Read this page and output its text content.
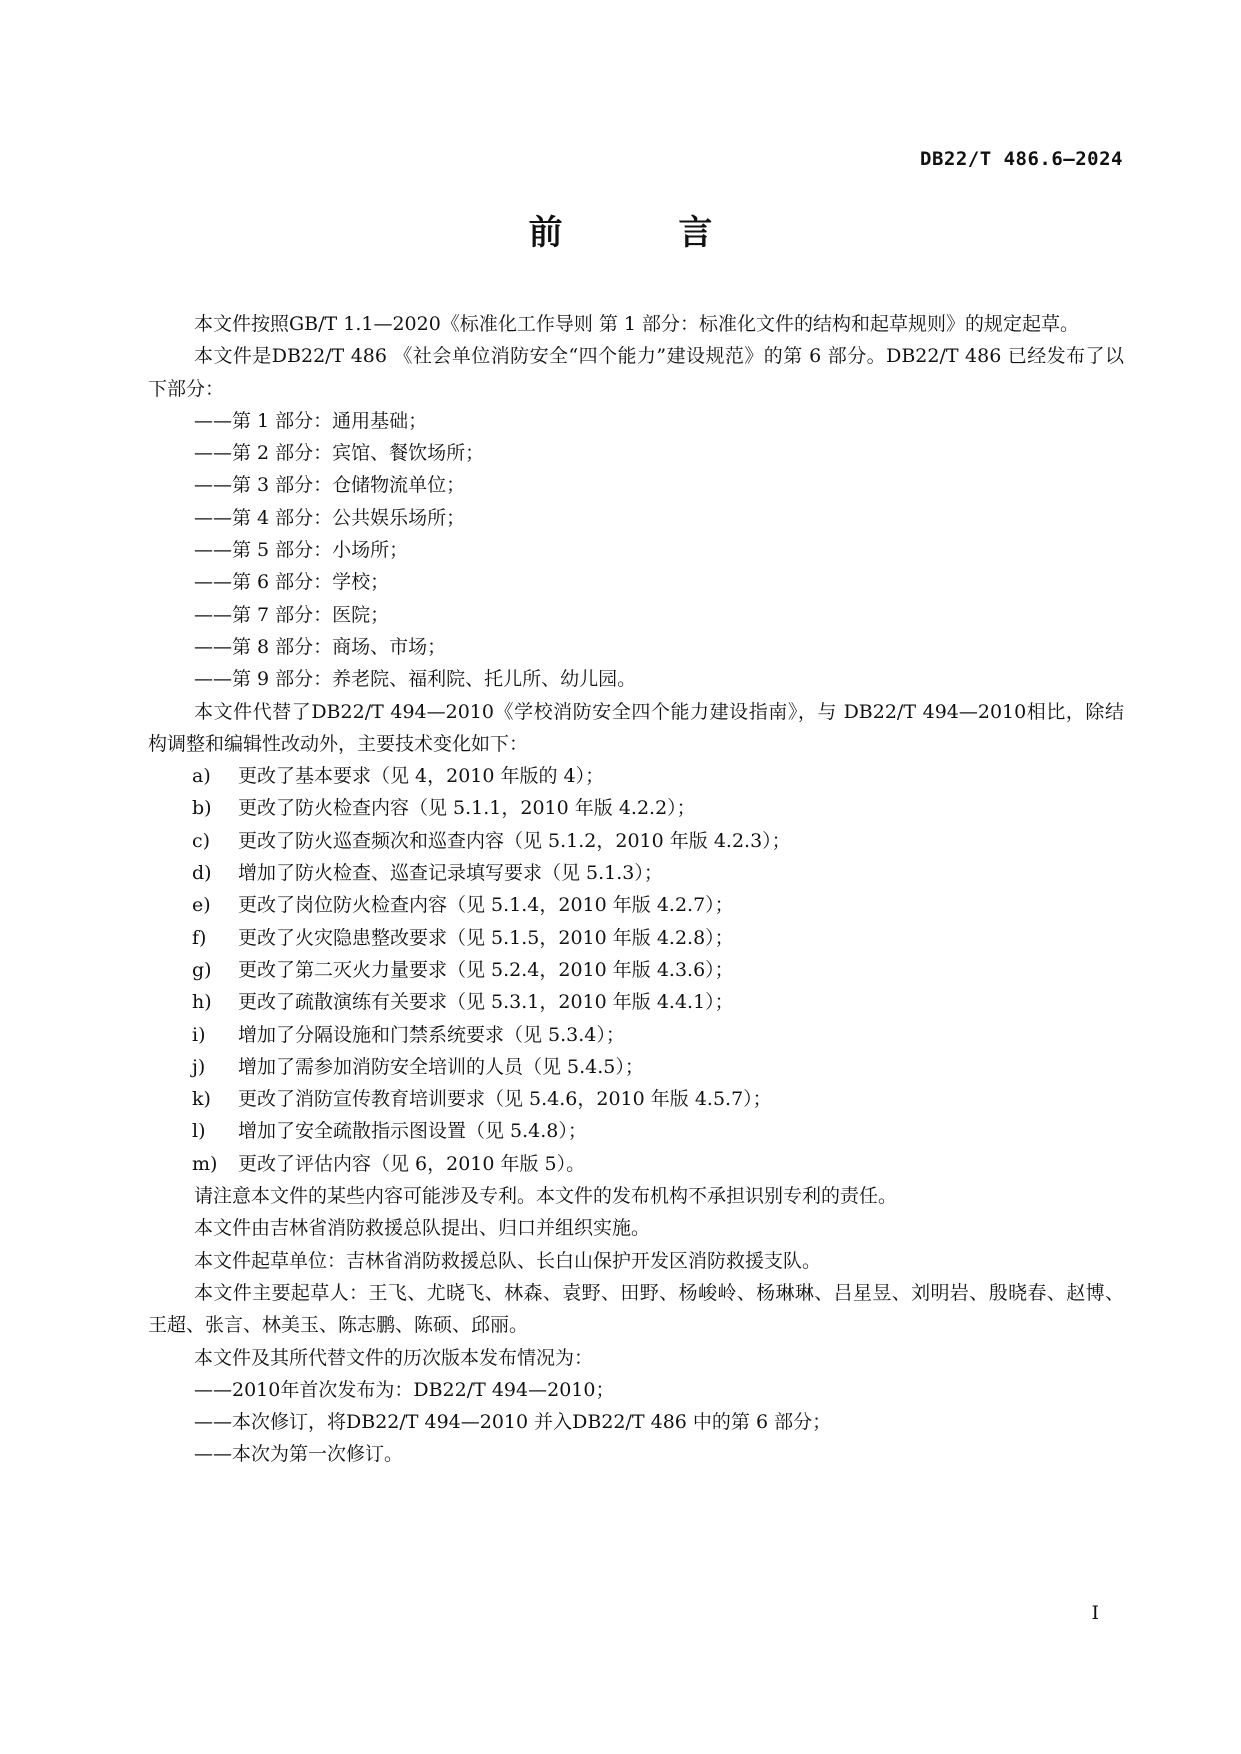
DB22/T 486.6—2024
前 言

本文件按照GB/T 1.1—2020《标准化工作导则 第 1 部分：标准化文件的结构和起草规则》的规定起草。

本文件是DB22/T 486 《社会单位消防安全“四个能力”建设规范》的第 6 部分。DB22/T 486 已经发布了以下部分：

——第 1 部分：通用基础；

——第 2 部分：宾馆、餐饮场所；

——第 3 部分：仓储物流单位；

——第 4 部分：公共娱乐场所；

——第 5 部分：小场所；

——第 6 部分：学校；

——第 7 部分：医院；

——第 8 部分：商场、市场；

——第 9 部分：养老院、福利院、托儿所、幼儿园。

本文件代替了DB22/T 494—2010《学校消防安全四个能力建设指南》，与 DB22/T 494—2010相比，除结构调整和编辑性改动外，主要技术变化如下：

a) 更改了基本要求（见 4，2010 年版的 4）；

b) 更改了防火检查内容（见 5.1.1，2010 年版 4.2.2）；

c) 更改了防火巡查频次和巡查内容（见 5.1.2，2010 年版 4.2.3）；

d) 增加了防火检查、巡查记录填写要求（见 5.1.3）；

e) 更改了岗位防火检查内容（见 5.1.4，2010 年版 4.2.7）；

f) 更改了火灾隐患整改要求（见 5.1.5，2010 年版 4.2.8）；

g) 更改了第二灭火力量要求（见 5.2.4，2010 年版 4.3.6）；

h) 更改了疏散演练有关要求（见 5.3.1，2010 年版 4.4.1）；

i) 增加了分隔设施和门禁系统要求（见 5.3.4）；

j) 增加了需参加消防安全培训的人员（见 5.4.5）；

k) 更改了消防宣传教育培训要求（见 5.4.6，2010 年版 4.5.7）；

l) 增加了安全疏散指示图设置（见 5.4.8）；

m) 更改了评估内容（见 6，2010 年版 5）。

请注意本文件的某些内容可能涉及专利。本文件的发布机构不承担识别专利的责任。

本文件由吉林省消防救援总队提出、归口并组织实施。

本文件起草单位：吉林省消防救援总队、长白山保护开发区消防救援支队。

本文件主要起草人：王飞、尤晓飞、林森、袁野、田野、杨峻岭、杨琳琳、吕星昱、刘明岩、殷晓春、赵博、王超、张言、林美玉、陈志鹏、陈硕、邱丽。

本文件及其所代替文件的历次版本发布情况为：

——2010年首次发布为：DB22/T 494—2010；

——本次修订，将DB22/T 494—2010 并入DB22/T 486 中的第 6 部分；

——本次为第一次修订。

I
